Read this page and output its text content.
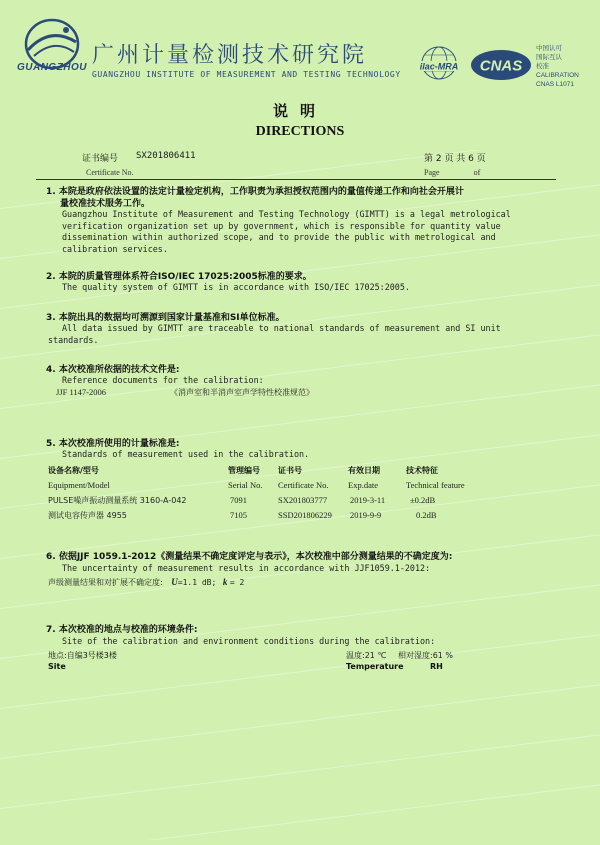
GUANGZHOU 广州计量检测技术研究院
GUANGZHOU INSTITUTE OF MEASUREMENT AND TESTING TECHNOLOGY
ilac-MRA CNAS
中国认可
国际互认
校准
CALIBRATION
CNAS L1071
说明
DIRECTIONS
证书编号 SX201806411
Certificate No.
第 2 页 共 6 页
Page	of
1. 本院是政府依法设置的法定计量检定机构，工作职责为承担授权范围内的量值传递工作和向社会开展计
量校准技术服务工作。
Guangzhou Institute of Measurement and Testing Technology (GIMTT) is a legal metrological verification organization set up by government, which is responsible for quantity value dissemination within authorized scope, and to provide the public with metrological and calibration services.
2. 本院的质量管理体系符合ISO/IEC 17025:2005标准的要求。
The quality system of GIMTT is in accordance with ISO/IEC 17025:2005.
3. 本院出具的数据均可溯源到国家计量基准和SI单位标准。
All data issued by GIMTT are traceable to national standards of measurement and SI unit standards.
4. 本次校准所依据的技术文件是:
Reference documents for the calibration:
JJF 1147-2006	《消声室和半消声室声学特性校准规范》
5. 本次校准所使用的计量标准是:
Standards of measurement used in the calibration.
设备名称/型号	管理编号 证书号	有效日期	技术特征
Equipment/Model	Serial No. Certificate No. Exp.date	Technical feature
PULSE噪声振动测量系统 3160-A-042	7091	SX201803777	2019-3-11	±0.2dB
测试电容传声器 4955	7105	SSD201806229 2019-9-9	0.2dB
6. 依据JJF 1059.1-2012《测量结果不确定度评定与表示》，本次校准中部分测量结果的不确定度为:
The uncertainty of measurement results in accordance with JJF1059.1-2012:
声级测量结果和对扩展不确定度: U=1.1 dB; k = 2
7. 本次校准的地点与校准的环境条件:
Site of the calibration and environment conditions during the calibration:
地点:自编3号楼3楼
Site
温度:21 ℃ 相对湿度:61 %
Temperature	RH
